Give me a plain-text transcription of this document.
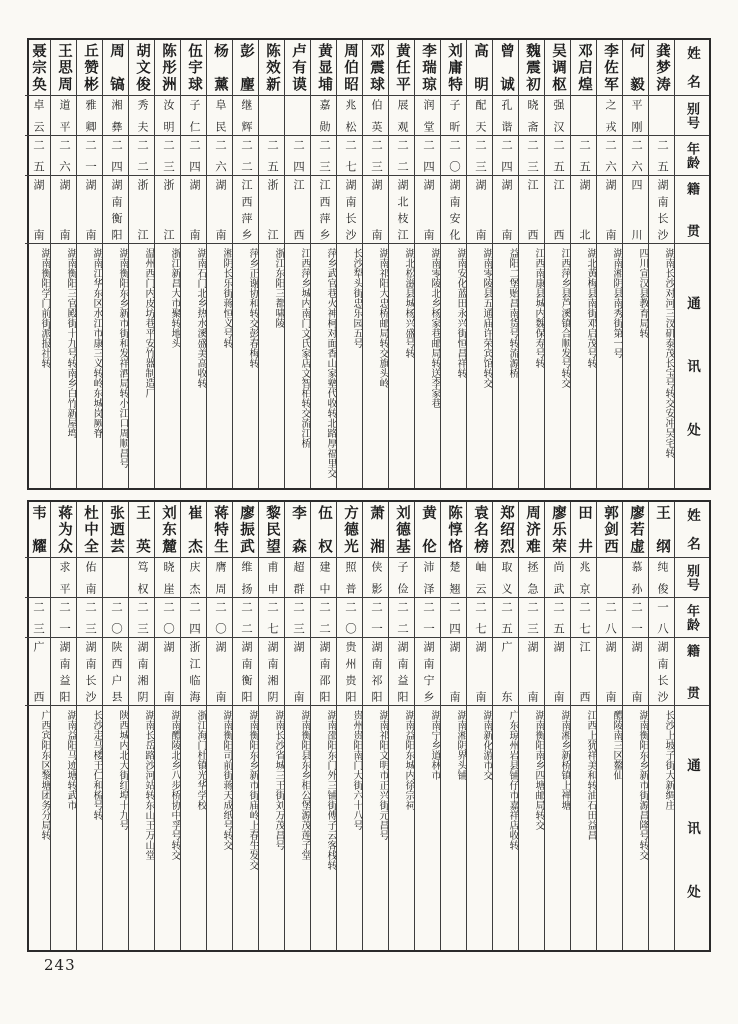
姓名
别号
年龄
籍贯
通讯处
龚梦涛
二五
湖南长沙
湖南长沙对河三汊矶泰茂长宝号转交安冲吴宅转
何毅
平刚
二六
四川
四川宣汉县教育局转
李佐军
之戎
二六
湖南
湖南湘阴县南秀街第一号
邓启煌
二五
湖北
湖北黄梅县南街邓启茂号转
吴调枢
强汉
二五
江西
江西萍乡县芦溪镇合顺发号转交
魏震初
晓斋
二三
江西
江西南康县城内魏保寿号转
曾诚
孔谐
二四
湖南
益阳二堡贻昌南货号转流源桥
高明
配天
二三
湖南
湖南零陵县五通庙许荣宾馆转交
刘庸特
子昕
二〇
湖南安化
湖南安化蓝田永兴街恒昌祥转
李瑞琼
润堂
二四
湖南
湖南零陵北乡杨家巷邮局转送李家巷
黄任平
展观
二二
湖北枝江
湖北松滋县城杨兴盛号转
邓震球
伯英
二三
湖南
湖南祁阳大忠桥邮局转交旗头岭
周伯昭
兆松
二七
湖南长沙
长沙犁头街忠乐园五号
黄显埔
嘉勋
二三
江西萍乡
萍乡武官巷火神柯对面香山家塾代收转北路厚福里交
卢有谟
二四
江西
江西萍乡城内南门文氏家店文智柏转交流江桥
陈效新
二五
浙江
浙江东阳三都啸陵
彭麈
继辉
二二
江西萍乡
萍乡正谢协和转交彭春梅转
杨薰
阜民
二六
湖南
湘阴长乐街蒋恒义号转
伍宇球
子仁
二四
湖南
湖南石门北乡热水溪盛美高收转
陈彤洲
汝明
二三
浙江
浙江新昌大市聚转地头
胡文俊
秀夫
二二
浙江
温州西门内皮坊巷平安竹器制造厂
周镐
湘彝
二四
湖南衡阳
湖南衡阳东乡新市街和发祥酒局转小江口周顺昌号
丘赞彬
雅卿
二一
湖南
湖南江华东区水江市康三义转岭东城岗厥脊
王思周
道平
二六
湖南
湖南衡阳三官殿街十九号转南乡白竹新屋塆
聂宗奂
卓云
二五
湖南
湖南衡阳学门前街派报社转
姓名
别号
年龄
籍贯
通讯处
王纲
纯俊
一八
湖南长沙
长沙上坡子街大新绸庄
廖若虚
慕孙
二一
湖南
湖南衡阳东乡新市街源昌隆号转交
郭剑西
二八
湖南
醴陵南三区鳌仙
田井
兆京
二七
江西
江西上犹祥美和转油石田益昌
廖乐荣
尚武
二五
湖南
湖南湘乡新桥镇上禅塘
周济难
拯急
二三
湖南
湖南衡阳南乡四塘邮局转交
郑绍烈
取义
二五
广东
广东琼州岩县铺仔市嘉祥店收转
袁名榜
岫云
二七
湖南
湖南新化游市交
陈惇恪
楚翘
二四
湖南
湖南湘阴界头铺
黄伦
沛泽
二一
湖南宁乡
湖南宁乡道林市
刘德基
子俭
二二
湖南益阳
湖南益阳东城内徐宗祠
萧湘
侠影
二一
湖南祁阳
湖南祁阳文明市正兴街元昌号
方德光
照普
二〇
贵州贵阳
贵州贵阳南门大街六十八号
伍权
建中
二二
湖南邵阳
湖南邵阳东门外三铺街傅子云客栈转
李森
超群
二三
湖南
湖南衡阳县东乡相公堡源茂莲子堂
黎民望
甫申
二七
湖南湘阴
湖南长沙省城三王街刘万茂昌号
廖振武
维扬
二二
湖南衡阳
湖南衡阳东乡新市街庙岭上春生发交
蒋特生
膺周
二〇
湖南
湖南衡阳司前街蒋天成纸号转交
崔杰
庆杰
二四
浙江临海
浙江海门杜镇光华学校
刘东麓
晓崖
二〇
湖南
湖南醴陵北乡八步桥协中孚号转交
王英
笃权
二三
湖南湘阴
湖南长岳路沙河站转东山王万山堂
张迺芸
二〇
陕西户县
陕西城内北大街红埠十九号
杜中全
佑南
二三
湖南长沙
长沙走马楼王仁和梳号转
蒋为众
求平
二一
湖南益阳
湖南益阳马迹塘转武市
韦耀
二三
广西
广西宾阳东区黎塘团务分局转
243
